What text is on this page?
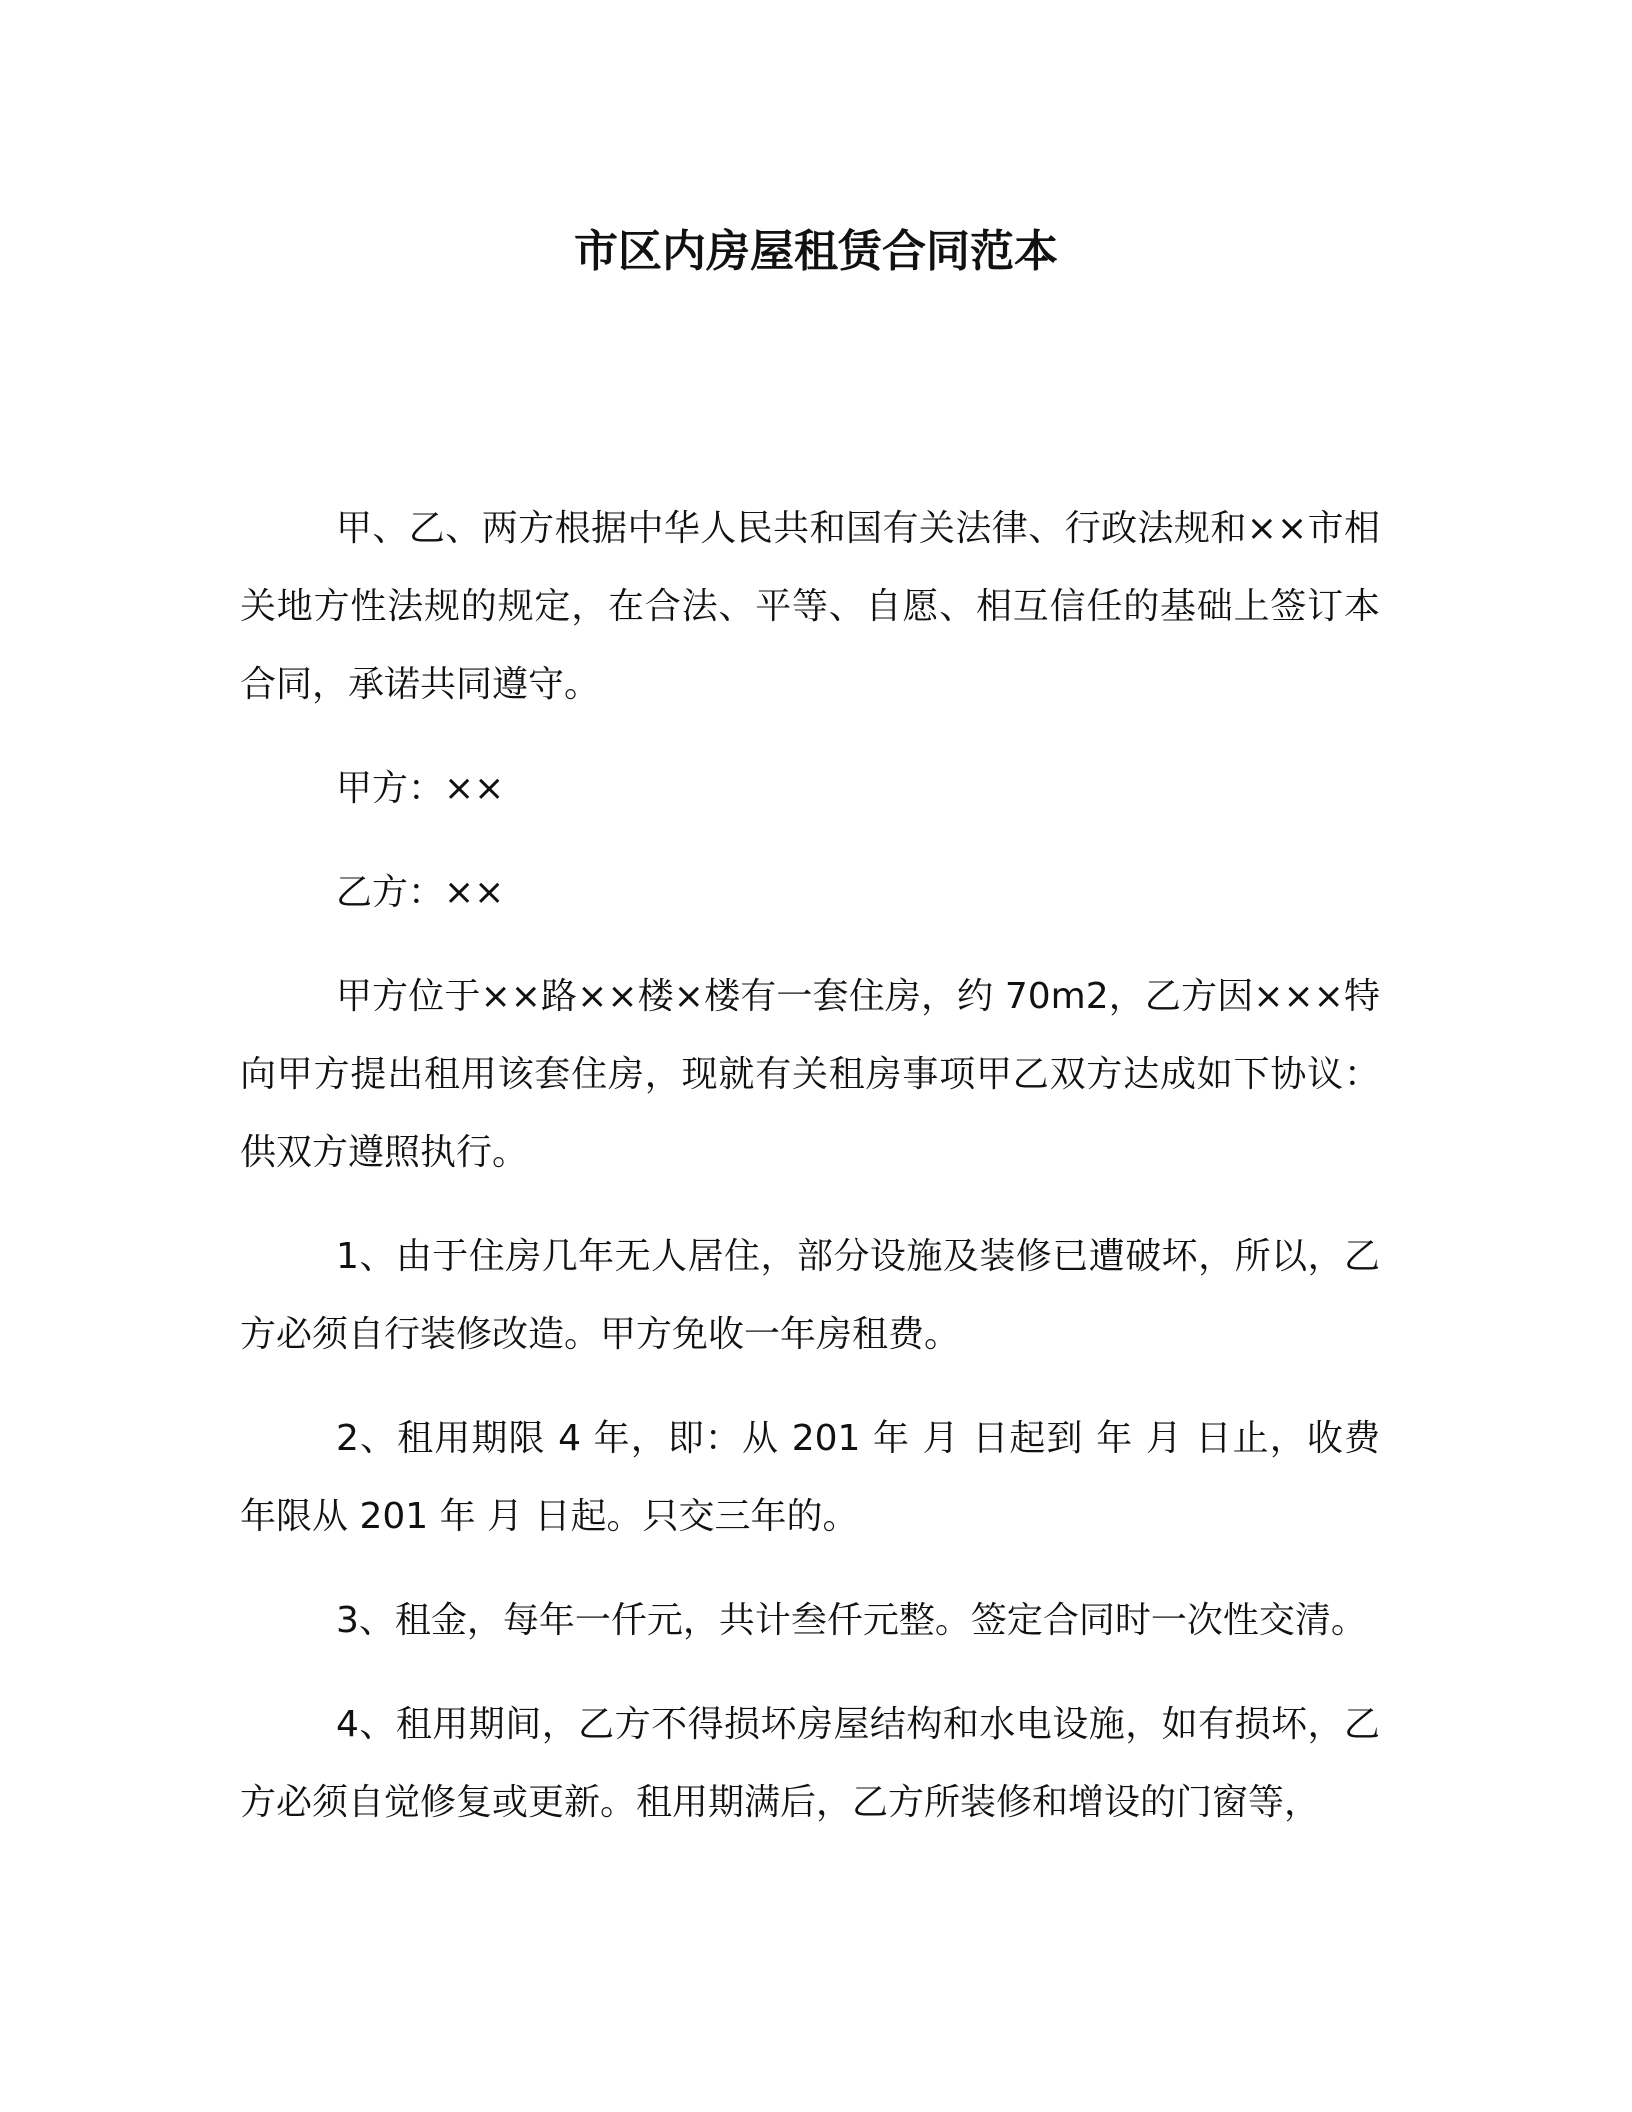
市区内房屋租赁合同范本

甲、乙、两方根据中华人民共和国有关法律、行政法规和××市相关地方性法规的规定，在合法、平等、自愿、相互信任的基础上签订本合同，承诺共同遵守。

甲方：××

乙方：××

甲方位于××路××楼×楼有一套住房，约 70m2，乙方因×××特向甲方提出租用该套住房，现就有关租房事项甲乙双方达成如下协议：供双方遵照执行。

1、由于住房几年无人居住，部分设施及装修已遭破坏，所以，乙方必须自行装修改造。甲方免收一年房租费。

2、租用期限 4 年，即：从 201 年 月 日起到 年 月 日止，收费年限从 201 年 月 日起。只交三年的。

3、租金，每年一仟元，共计叁仟元整。签定合同时一次性交清。

4、租用期间，乙方不得损坏房屋结构和水电设施，如有损坏，乙方必须自觉修复或更新。租用期满后，乙方所装修和增设的门窗等，
